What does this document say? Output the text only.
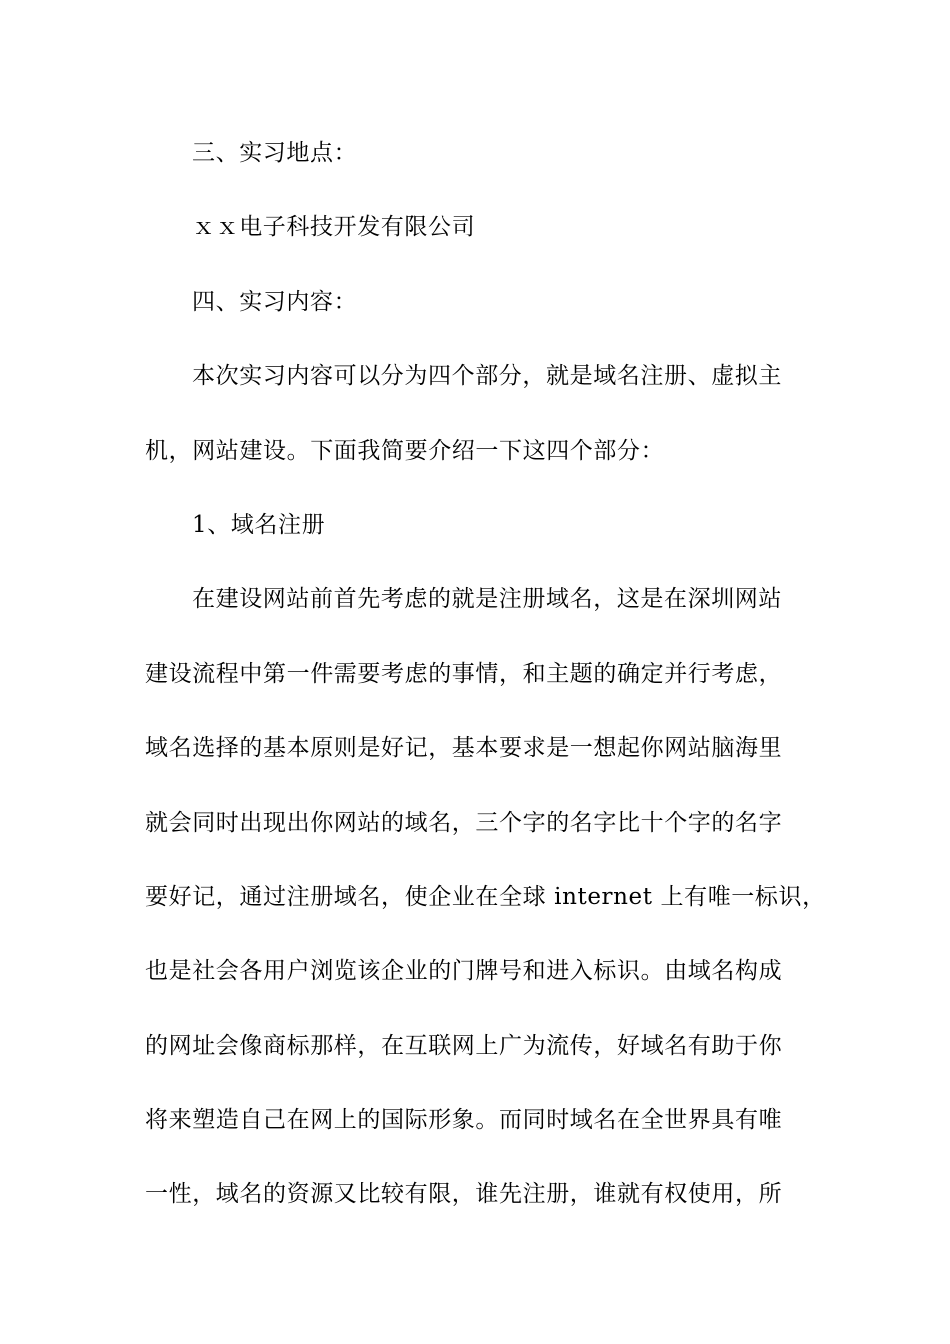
三、实习地点：
ｘｘ电子科技开发有限公司
四、实习内容：
本次实习内容可以分为四个部分，就是域名注册、虚拟主
机，网站建设。下面我简要介绍一下这四个部分：
1、域名注册
在建设网站前首先考虑的就是注册域名，这是在深圳网站
建设流程中第一件需要考虑的事情，和主题的确定并行考虑，
域名选择的基本原则是好记，基本要求是一想起你网站脑海里
就会同时出现出你网站的域名，三个字的名字比十个字的名字
要好记，通过注册域名，使企业在全球 internet 上有唯一标识，
也是社会各用户浏览该企业的门牌号和进入标识。由域名构成
的网址会像商标那样，在互联网上广为流传，好域名有助于你
将来塑造自己在网上的国际形象。而同时域名在全世界具有唯
一性，域名的资源又比较有限，谁先注册，谁就有权使用，所
